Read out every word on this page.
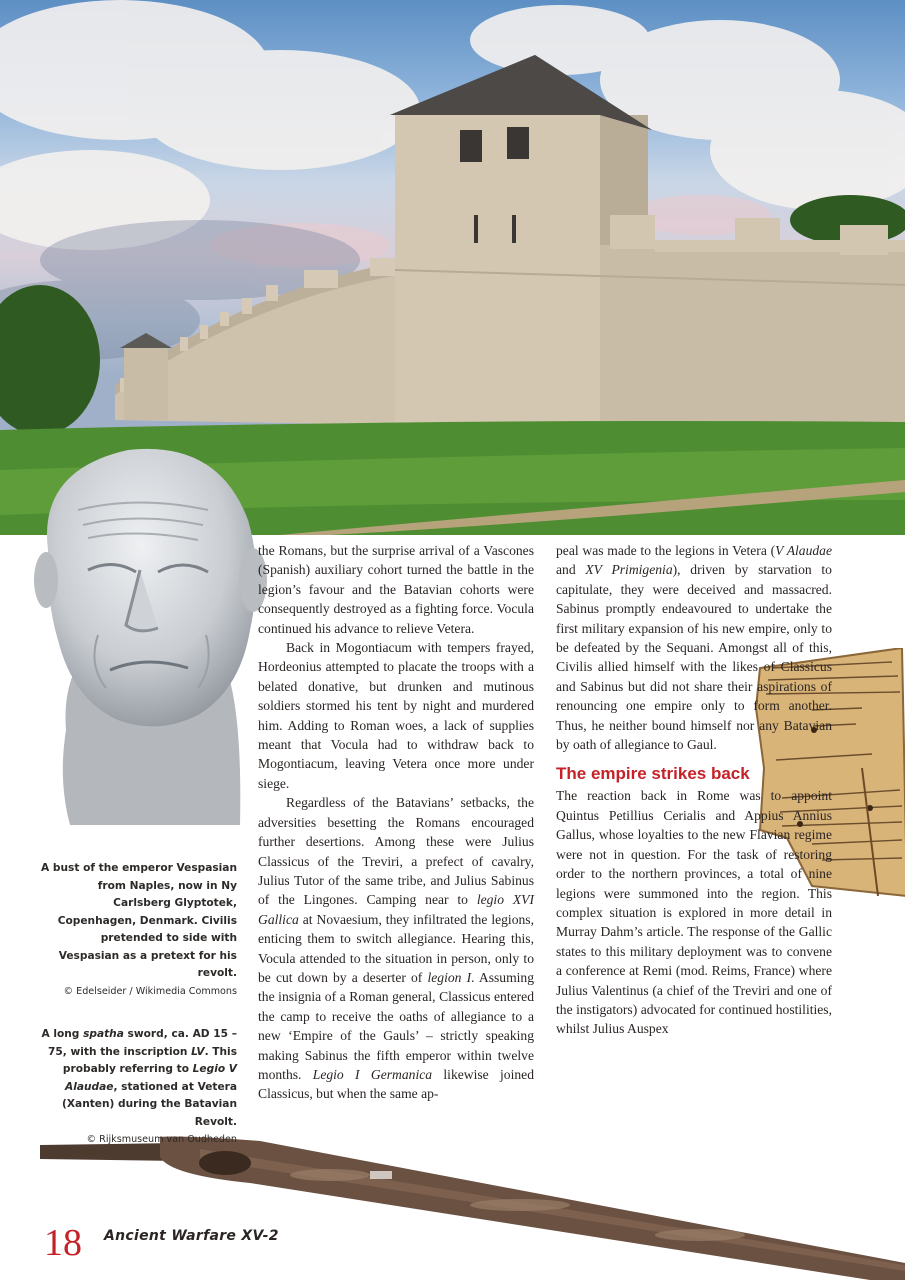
A bust of the emperor Vespasian from Naples, now in Ny Carlsberg Glyptotek, Copenhagen, Denmark. Civilis pretended to side with Vespasian as a pretext for his revolt.
© Edelseider / Wikimedia Commons
A long spatha sword, ca. AD 15 – 75, with the inscription LV. This probably referring to Legio V Alaudae, stationed at Vetera (Xanten) during the Batavian Revolt.
© Rijksmuseum van Oudheden

the Romans, but the surprise arrival of a Vascones (Spanish) auxiliary cohort turned the battle in the legion’s favour and the Batavian cohorts were consequently destroyed as a fighting force. Vocula continued his advance to relieve Vetera.

Back in Mogontiacum with tempers frayed, Hordeonius attempted to placate the troops with a belated donative, but drunken and mutinous soldiers stormed his tent by night and murdered him. Adding to Roman woes, a lack of supplies meant that Vocula had to withdraw back to Mogontiacum, leaving Vetera once more under siege.

Regardless of the Batavians’ setbacks, the adversities besetting the Romans encouraged further desertions. Among these were Julius Classicus of the Treviri, a prefect of cavalry, Julius Tutor of the same tribe, and Julius Sabinus of the Lingones. Camping near to legio XVI Gallica at Novaesium, they infiltrated the legions, enticing them to switch allegiance. Hearing this, Vocula attended to the situation in person, only to be cut down by a deserter of legion I. Assuming the insignia of a Roman general, Classicus entered the camp to receive the oaths of allegiance to a new ‘Empire of the Gauls’ – strictly speaking making Sabinus the fifth emperor within twelve months. Legio I Germanica likewise joined Classicus, but when the same ap-

peal was made to the legions in Vetera (V Alaudae and XV Primigenia), driven by starvation to capitulate, they were deceived and massacred. Sabinus promptly endeavoured to undertake the first military expansion of his new empire, only to be defeated by the Sequani. Amongst all of this, Civilis allied himself with the likes of Classicus and Sabinus but did not share their aspirations of renouncing one empire only to form another. Thus, he neither bound himself nor any Batavian by oath of allegiance to Gaul.

The empire strikes back

The reaction back in Rome was to appoint Quintus Petillius Cerialis and Appius Annius Gallus, whose loyalties to the new Flavian regime were not in question. For the task of restoring order to the northern provinces, a total of nine legions were summoned into the region. This complex situation is explored in more detail in Murray Dahm’s article. The response of the Gallic states to this military deployment was to convene a conference at Remi (mod. Reims, France) where Julius Valentinus (a chief of the Treviri and one of the instigators) advocated for continued hostilities, whilst Julius Auspex

18 Ancient Warfare XV-2
